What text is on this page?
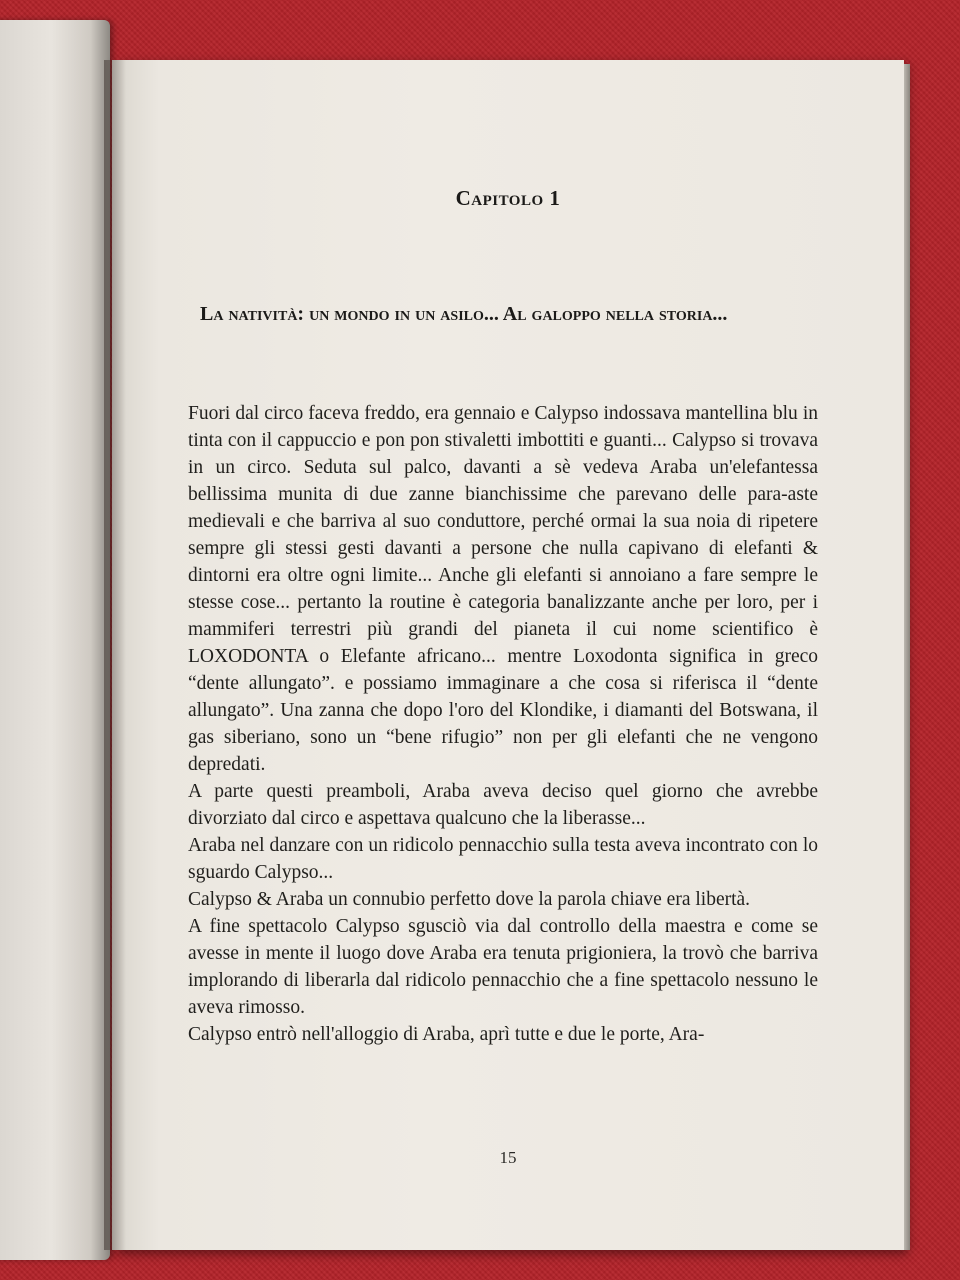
Capitolo 1
La natività: un mondo in un asilo... Al galoppo nella storia...

Fuori dal circo faceva freddo, era gennaio e Calypso indossava mantellina blu in tinta con il cappuccio e pon pon stivaletti imbottiti e guanti... Calypso si trovava in un circo. Seduta sul palco, davanti a sè vedeva Araba un'elefantessa bellissima munita di due zanne bianchissime che parevano delle para-aste medievali e che barriva al suo conduttore, perché ormai la sua noia di ripetere sempre gli stessi gesti davanti a persone che nulla capivano di elefanti & dintorni era oltre ogni limite... Anche gli elefanti si annoiano a fare sempre le stesse cose... pertanto la routine è categoria banalizzante anche per loro, per i mammiferi terrestri più grandi del pianeta il cui nome scientifico è LOXODONTA o Elefante africano... mentre Loxodonta significa in greco “dente allungato”. e possiamo immaginare a che cosa si riferisca il “dente allungato”. Una zanna che dopo l'oro del Klondike, i diamanti del Botswana, il gas siberiano, sono un “bene rifugio” non per gli elefanti che ne vengono depredati.

A parte questi preamboli, Araba aveva deciso quel giorno che avrebbe divorziato dal circo e aspettava qualcuno che la liberasse...

Araba nel danzare con un ridicolo pennacchio sulla testa aveva incontrato con lo sguardo Calypso...

Calypso & Araba un connubio perfetto dove la parola chiave era libertà.

A fine spettacolo Calypso sgusciò via dal controllo della maestra e come se avesse in mente il luogo dove Araba era tenuta prigioniera, la trovò che barriva implorando di liberarla dal ridicolo pennacchio che a fine spettacolo nessuno le aveva rimosso.

Calypso entrò nell'alloggio di Araba, aprì tutte e due le porte, Ara-

15
